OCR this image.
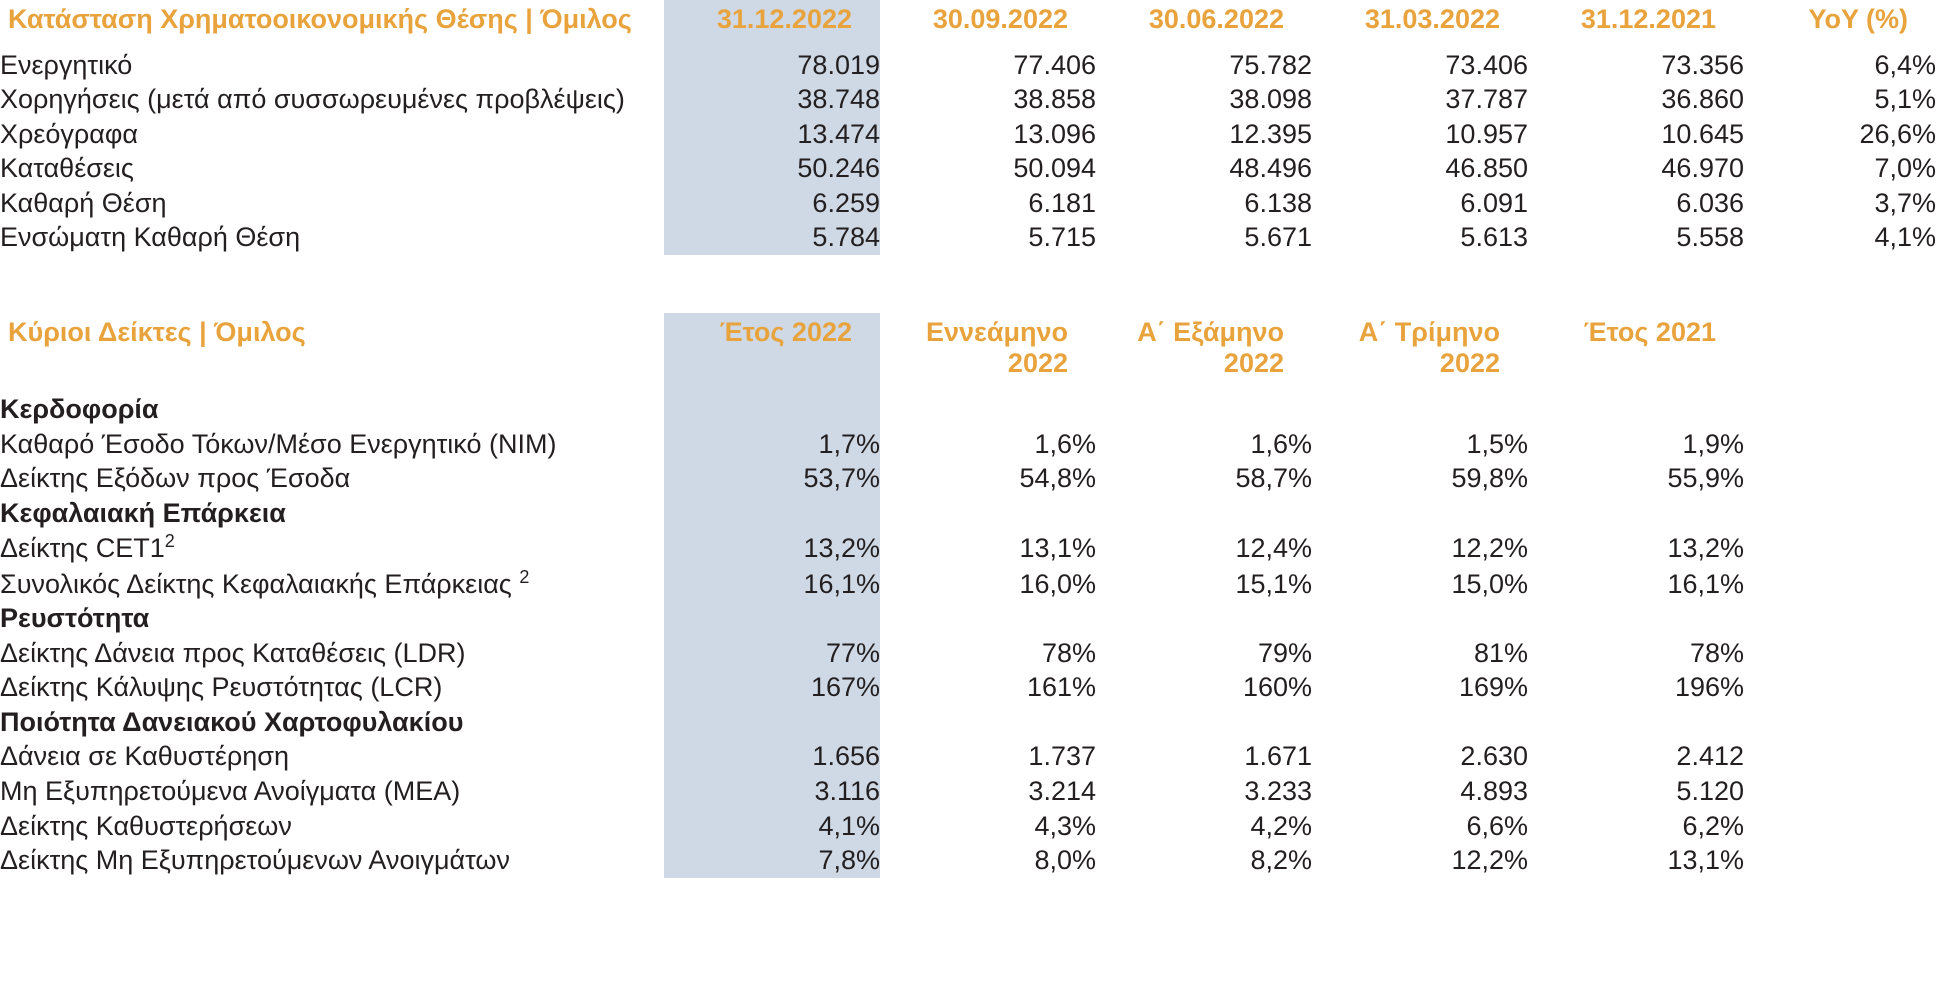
Κατάσταση Χρηματοοικονομικής Θέσης | Όμιλος	31.12.2022	30.09.2022	30.06.2022	31.03.2022	31.12.2021	YoY (%)
Ενεργητικό	78.019	77.406	75.782	73.406	73.356	6,4%
Χορηγήσεις (μετά από συσσωρευμένες προβλέψεις)	38.748	38.858	38.098	37.787	36.860	5,1%
Χρεόγραφα	13.474	13.096	12.395	10.957	10.645	26,6%
Καταθέσεις	50.246	50.094	48.496	46.850	46.970	7,0%
Καθαρή Θέση	6.259	6.181	6.138	6.091	6.036	3,7%
Ενσώματη Καθαρή Θέση	5.784	5.715	5.671	5.613	5.558	4,1%

Κύριοι Δείκτες | Όμιλος	Έτος 2022	Εννεάμηνο 2022	Α΄ Εξάμηνο 2022	Α΄ Τρίμηνο 2022	Έτος 2021	
Κερδοφορία						
Καθαρό Έσοδο Τόκων/Μέσο Ενεργητικό (NIM)	1,7%	1,6%	1,6%	1,5%	1,9%	
Δείκτης Εξόδων προς Έσοδα	53,7%	54,8%	58,7%	59,8%	55,9%	
Κεφαλαιακή Επάρκεια						
Δείκτης $CET1^2$	13,2%	13,1%	12,4%	12,2%	13,2%	
Συνολικός Δείκτης Κεφαλαιακής Επάρκειας $^2$	16,1%	16,0%	15,1%	15,0%	16,1%	
Ρευστότητα						
Δείκτης Δάνεια προς Καταθέσεις (LDR)	77%	78%	79%	81%	78%	
Δείκτης Κάλυψης Ρευστότητας (LCR)	167%	161%	160%	169%	196%	
Ποιότητα Δανειακού Χαρτοφυλακίου						
Δάνεια σε Καθυστέρηση	1.656	1.737	1.671	2.630	2.412	
Μη Εξυπηρετούμενα Ανοίγματα (ΜΕΑ)	3.116	3.214	3.233	4.893	5.120	
Δείκτης Καθυστερήσεων	4,1%	4,3%	4,2%	6,6%	6,2%	
Δείκτης Μη Εξυπηρετούμενων Ανοιγμάτων	7,8%	8,0%	8,2%	12,2%	13,1%	
